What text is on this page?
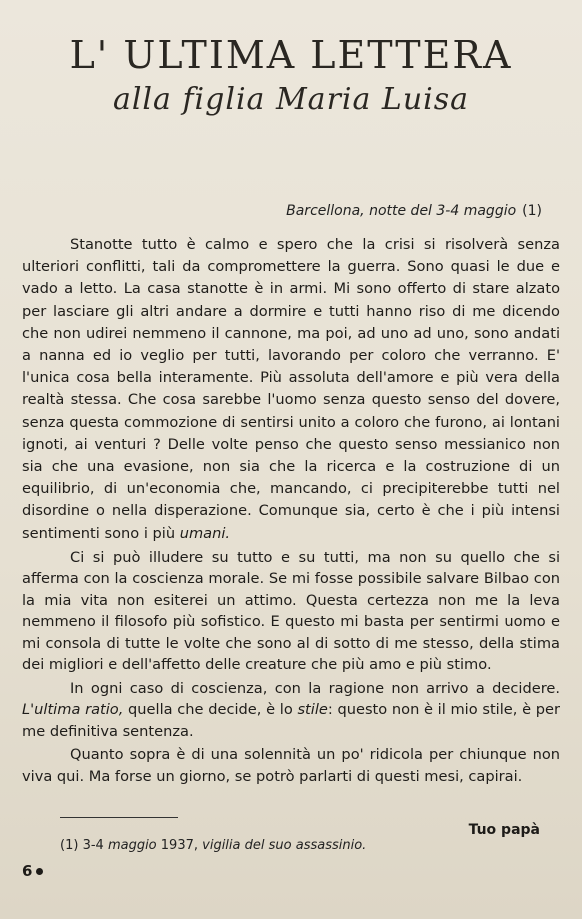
L' ULTIMA LETTERA
alla figlia Maria Luisa
Barcellona, notte del 3-4 maggio (1)

Stanotte tutto è calmo e spero che la crisi si risolverà senza ulteriori conflitti, tali da compromettere la guerra. Sono quasi le due e vado a letto. La casa stanotte è in armi. Mi sono offerto di stare alzato per lasciare gli altri andare a dormire e tutti hanno riso di me dicendo che non udirei nemmeno il cannone, ma poi, ad uno ad uno, sono andati a nanna ed io veglio per tutti, lavorando per coloro che verranno. E' l'unica cosa bella interamente. Più assoluta dell'amore e più vera della realtà stessa. Che cosa sarebbe l'uomo senza questo senso del dovere, senza questa commozione di sentirsi unito a coloro che furono, ai lontani ignoti, ai venturi ? Delle volte penso che questo senso messianico non sia che una evasione, non sia che la ricerca e la costruzione di un equilibrio, di un'economia che, mancando, ci precipiterebbe tutti nel disordine o nella disperazione. Comunque sia, certo è che i più intensi sentimenti sono i più umani.

Ci si può illudere su tutto e su tutti, ma non su quello che si afferma con la coscienza morale. Se mi fosse possibile salvare Bilbao con la mia vita non esiterei un attimo. Questa certezza non me la leva nemmeno il filosofo più sofistico. E questo mi basta per sentirmi uomo e mi consola di tutte le volte che sono al di sotto di me stesso, della stima dei migliori e dell'affetto delle creature che più amo e più stimo.

In ogni caso di coscienza, con la ragione non arrivo a decidere. L'ultima ratio, quella che decide, è lo stile: questo non è il mio stile, è per me definitiva sentenza.

Quanto sopra è di una solennità un po' ridicola per chiunque non viva qui. Ma forse un giorno, se potrò parlarti di questi mesi, capirai.

Tuo papà
(1) 3-4 maggio 1937, vigilia del suo assassinio.
6
